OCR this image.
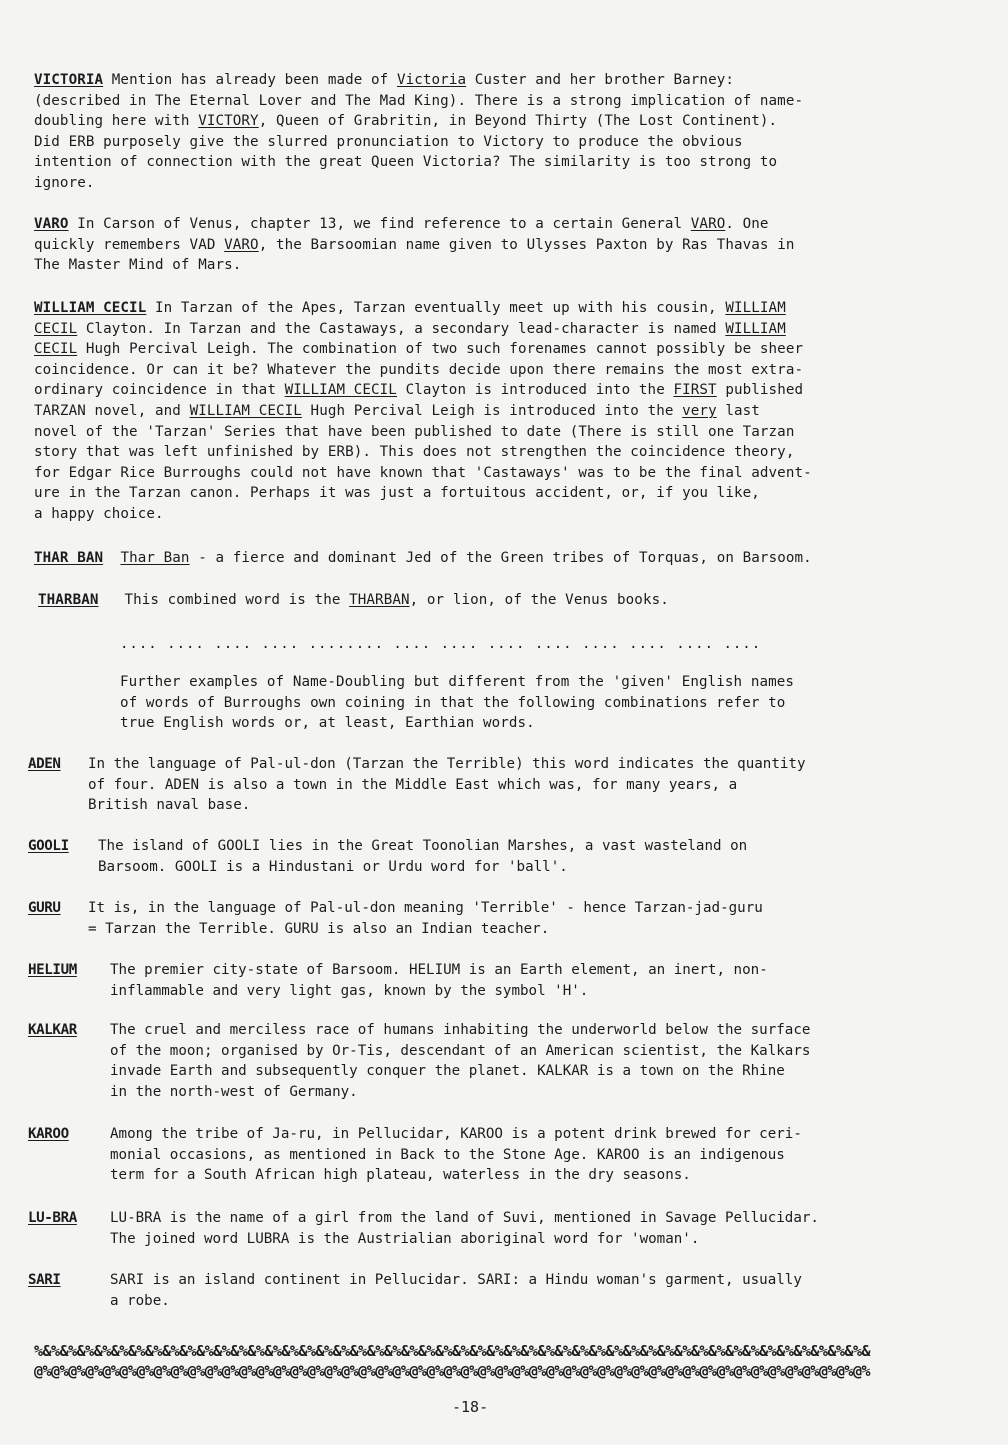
VICTORIA Mention has already been made of Victoria Custer and her brother Barney:

(described in The Eternal Lover and The Mad King). There is a strong implication of name-

doubling here with VICTORY, Queen of Grabritin, in Beyond Thirty (The Lost Continent).

Did ERB purposely give the slurred pronunciation to Victory to produce the obvious

intention of connection with the great Queen Victoria? The similarity is too strong to

ignore.

VARO In Carson of Venus, chapter 13, we find reference to a certain General VARO. One

quickly remembers VAD VARO, the Barsoomian name given to Ulysses Paxton by Ras Thavas in

The Master Mind of Mars.

WILLIAM CECIL In Tarzan of the Apes, Tarzan eventually meet up with his cousin, WILLIAM

CECIL Clayton. In Tarzan and the Castaways, a secondary lead-character is named WILLIAM

CECIL Hugh Percival Leigh. The combination of two such forenames cannot possibly be sheer

coincidence. Or can it be? Whatever the pundits decide upon there remains the most extra-

ordinary coincidence in that WILLIAM CECIL Clayton is introduced into the FIRST published

TARZAN novel, and WILLIAM CECIL Hugh Percival Leigh is introduced into the very last

novel of the 'Tarzan' Series that have been published to date (There is still one Tarzan

story that was left unfinished by ERB). This does not strengthen the coincidence theory,

for Edgar Rice Burroughs could not have known that 'Castaways' was to be the final advent-

ure in the Tarzan canon. Perhaps it was just a fortuitous accident, or, if you like,

a happy choice.

THAR BAN Thar Ban - a fierce and dominant Jed of the Green tribes of Torquas, on Barsoom.

THARBAN This combined word is the THARBAN, or lion, of the Venus books.

.... .... .... .... ........ .... .... .... .... .... .... .... ....

Further examples of Name-Doubling but different from the 'given' English names

of words of Burroughs own coining in that the following combinations refer to

true English words or, at least, Earthian words.

ADEN In the language of Pal-ul-don (Tarzan the Terrible) this word indicates the quantity

of four. ADEN is also a town in the Middle East which was, for many years, a

British naval base.

GOOLI The island of GOOLI lies in the Great Toonolian Marshes, a vast wasteland on

Barsoom. GOOLI is a Hindustani or Urdu word for 'ball'.

GURU It is, in the language of Pal-ul-don meaning 'Terrible' - hence Tarzan-jad-guru

= Tarzan the Terrible. GURU is also an Indian teacher.

HELIUM The premier city-state of Barsoom. HELIUM is an Earth element, an inert, non-

inflammable and very light gas, known by the symbol 'H'.

KALKAR The cruel and merciless race of humans inhabiting the underworld below the surface

of the moon; organised by Or-Tis, descendant of an American scientist, the Kalkars

invade Earth and subsequently conquer the planet. KALKAR is a town on the Rhine

in the north-west of Germany.

KAROO	Among the tribe of Ja-ru, in Pellucidar, KAROO is a potent drink brewed for ceri-

monial occasions, as mentioned in Back to the Stone Age. KAROO is an indigenous

term for a South African high plateau, waterless in the dry seasons.

LU-BRA LU-BRA is the name of a girl from the land of Suvi, mentioned in Savage Pellucidar.

The joined word LUBRA is the Austrialian aboriginal word for 'woman'.

SARI	SARI is an island continent in Pellucidar. SARI: a Hindu woman's garment, usually

a robe.

%&%&%&%&%&%&%&%&%&%&%&%&%&%&%&%&%&%&%&%&%&%&%&%&%&%&%&%&%&%&%&%&%&%&%&%&%&%&%&%&%&%&%&%&%&%&%&%&%&
@%@%@%@%@%@%@%@%@%@%@%@%@%@%@%@%@%@%@%@%@%@%@%@%@%@%@%@%@%@%@%@%@%@%@%@%@%@%@%@%@%@%@%@%@%@%@%@%@%
-18-
